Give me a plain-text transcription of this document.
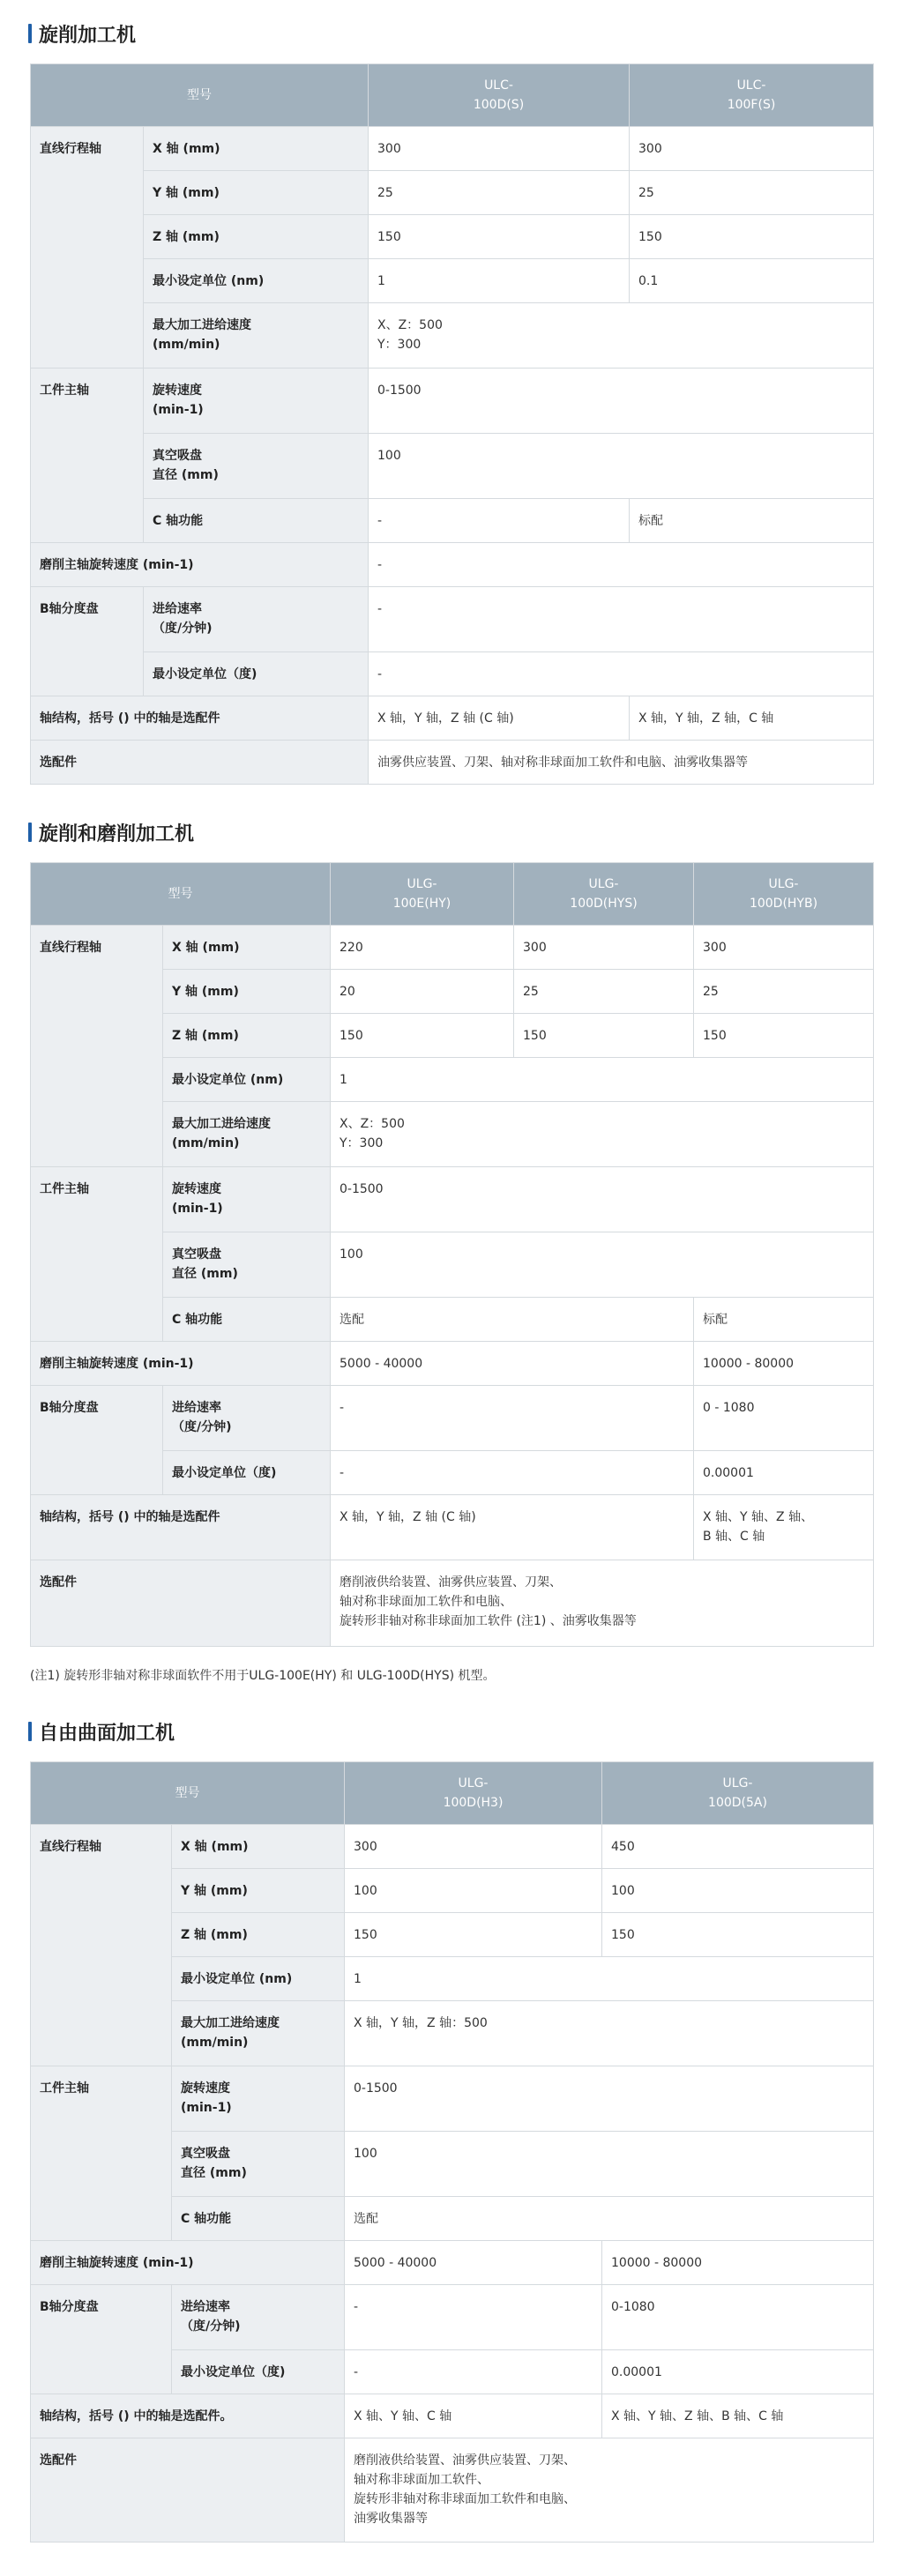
旋削加工机
型号		ULC-
100D(S)	ULC-
100F(S)
直线行程轴	X 轴 (mm)	300	300
	Y 轴 (mm)	25	25
	Z 轴 (mm)	150	150
	最小设定单位 (nm)	1	0.1
	最大加工进给速度
(mm/min)	X、Z：500
Y：300	
工件主轴	旋转速度
(min-1)	0-1500	
	真空吸盘
直径 (mm)	100	
	C 轴功能	-	标配
磨削主轴旋转速度 (min-1)		-	
B轴分度盘	进给速率
（度/分钟)	-	
	最小设定单位（度)	-	
轴结构，括号 () 中的轴是选配件		X 轴，Y 轴，Z 轴 (C 轴)	X 轴，Y 轴，Z 轴，C 轴
选配件		油雾供应装置、刀架、轴对称非球面加工软件和电脑、油雾收集器等	
旋削和磨削加工机
型号		ULG-
100E(HY)	ULG-
100D(HYS)	ULG-
100D(HYB)
直线行程轴	X 轴 (mm)	220	300	300
	Y 轴 (mm)	20	25	25
	Z 轴 (mm)	150	150	150
	最小设定单位 (nm)	1		
	最大加工进给速度
(mm/min)	X、Z：500
Y：300		
工件主轴	旋转速度
(min-1)	0-1500		
	真空吸盘
直径 (mm)	100		
	C 轴功能	选配		标配
磨削主轴旋转速度 (min-1)		5000 - 40000		10000 - 80000
B轴分度盘	进给速率
（度/分钟)	-		0 - 1080
	最小设定单位（度)	-		0.00001
轴结构，括号 () 中的轴是选配件		X 轴，Y 轴，Z 轴 (C 轴)		X 轴、Y 轴、Z 轴、
B 轴、C 轴
选配件		磨削液供给装置、油雾供应装置、刀架、
轴对称非球面加工软件和电脑、
旋转形非轴对称非球面加工软件 (注1) 、油雾收集器等		
(注1) 旋转形非轴对称非球面软件不用于ULG-100E(HY) 和 ULG-100D(HYS) 机型。
自由曲面加工机
型号		ULG-
100D(H3)	ULG-
100D(5A)
直线行程轴	X 轴 (mm)	300	450
	Y 轴 (mm)	100	100
	Z 轴 (mm)	150	150
	最小设定单位 (nm)	1	
	最大加工进给速度
(mm/min)	X 轴，Y 轴，Z 轴：500	
工件主轴	旋转速度
(min-1)	0-1500	
	真空吸盘
直径 (mm)	100	
	C 轴功能	选配	
磨削主轴旋转速度 (min-1)		5000 - 40000	10000 - 80000
B轴分度盘	进给速率
（度/分钟)	-	0-1080
	最小设定单位（度)	-	0.00001
轴结构，括号 () 中的轴是选配件。		X 轴、Y 轴、C 轴	X 轴、Y 轴、Z 轴、B 轴、C 轴
选配件		磨削液供给装置、油雾供应装置、刀架、
轴对称非球面加工软件、
旋转形非轴对称非球面加工软件和电脑、
油雾收集器等	
